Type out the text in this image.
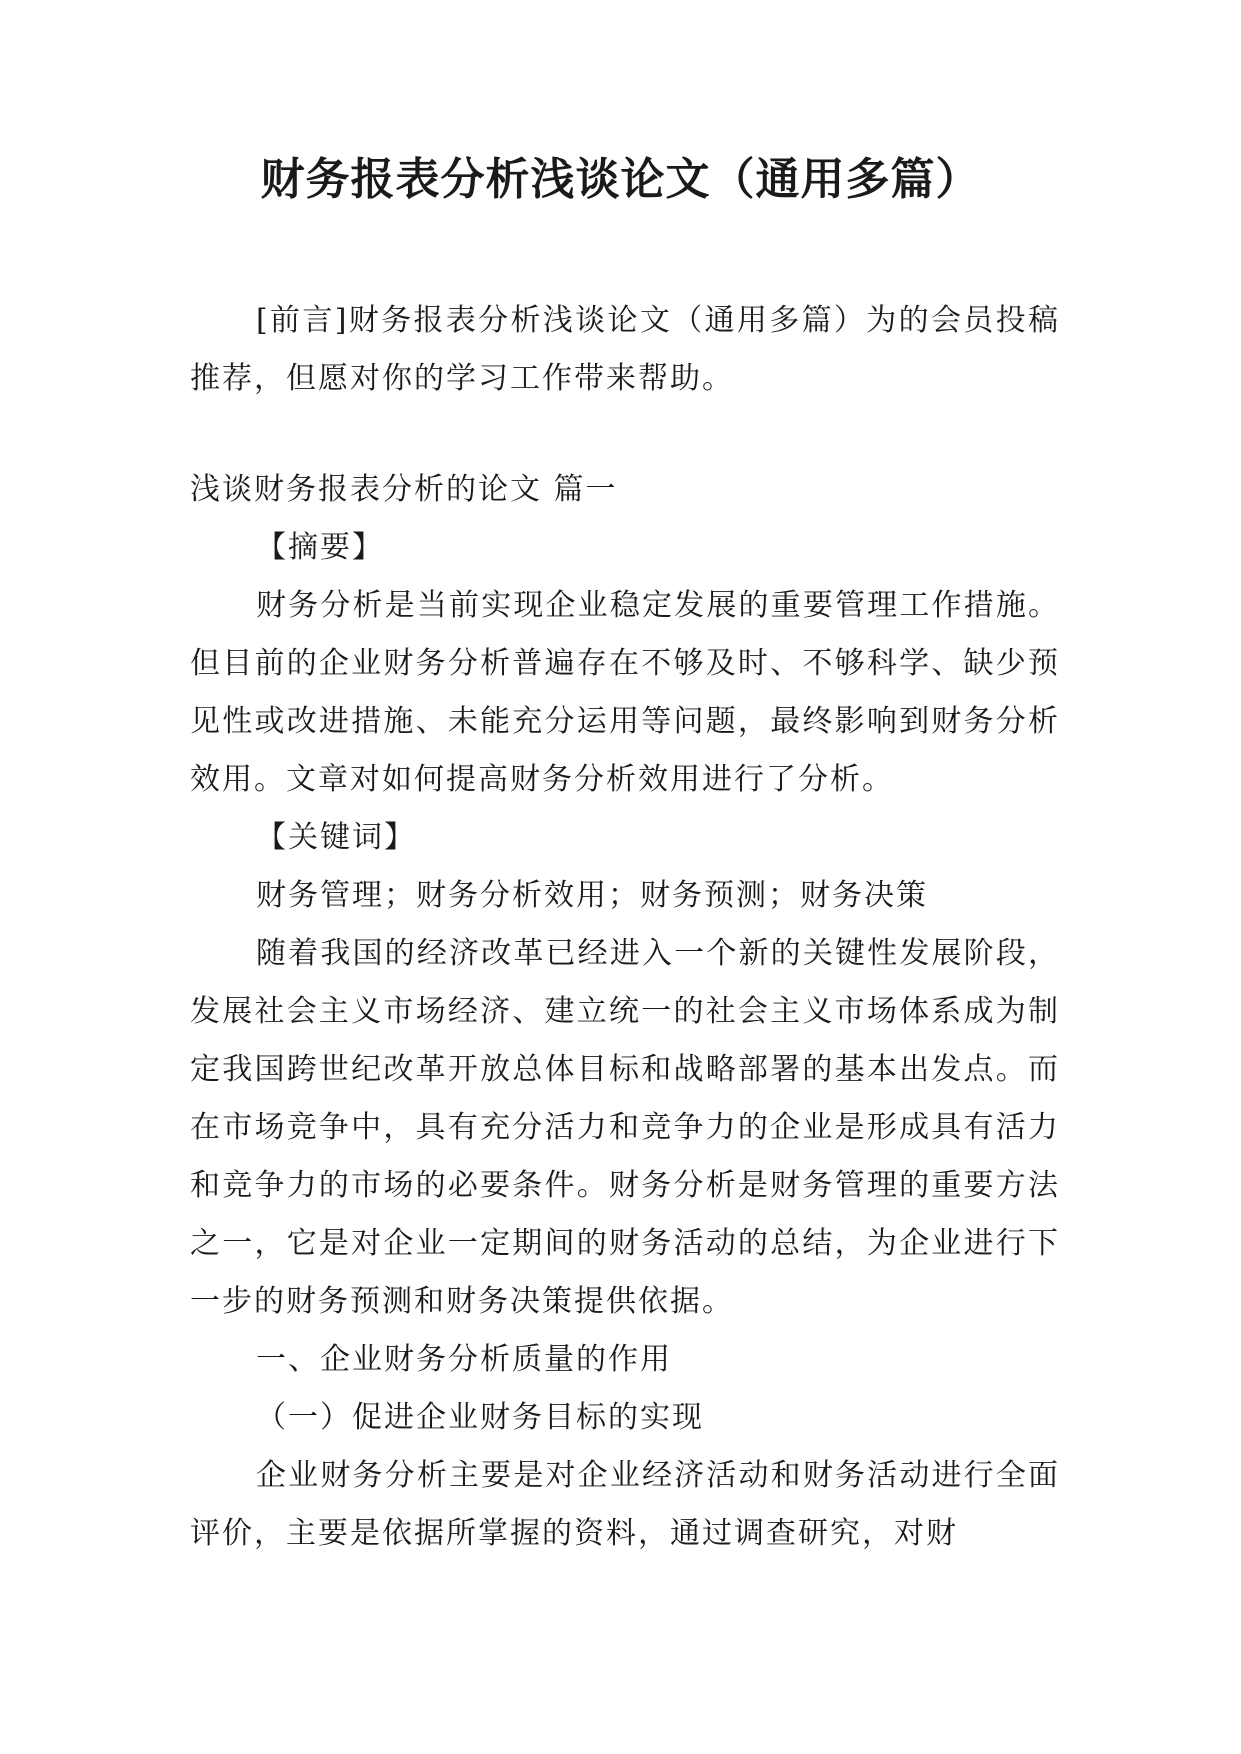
财务报表分析浅谈论文（通用多篇）

[前言]财务报表分析浅谈论文（通用多篇）为的会员投稿推荐，但愿对你的学习工作带来帮助。

浅谈财务报表分析的论文 篇一

【摘要】

财务分析是当前实现企业稳定发展的重要管理工作措施。但目前的企业财务分析普遍存在不够及时、不够科学、缺少预见性或改进措施、未能充分运用等问题，最终影响到财务分析效用。文章对如何提高财务分析效用进行了分析。

【关键词】

财务管理；财务分析效用；财务预测；财务决策

随着我国的经济改革已经进入一个新的关键性发展阶段，发展社会主义市场经济、建立统一的社会主义市场体系成为制定我国跨世纪改革开放总体目标和战略部署的基本出发点。而在市场竞争中，具有充分活力和竞争力的企业是形成具有活力和竞争力的市场的必要条件。财务分析是财务管理的重要方法之一，它是对企业一定期间的财务活动的总结，为企业进行下一步的财务预测和财务决策提供依据。

一、企业财务分析质量的作用

（一）促进企业财务目标的实现

企业财务分析主要是对企业经济活动和财务活动进行全面评价，主要是依据所掌握的资料，通过调查研究，对财
